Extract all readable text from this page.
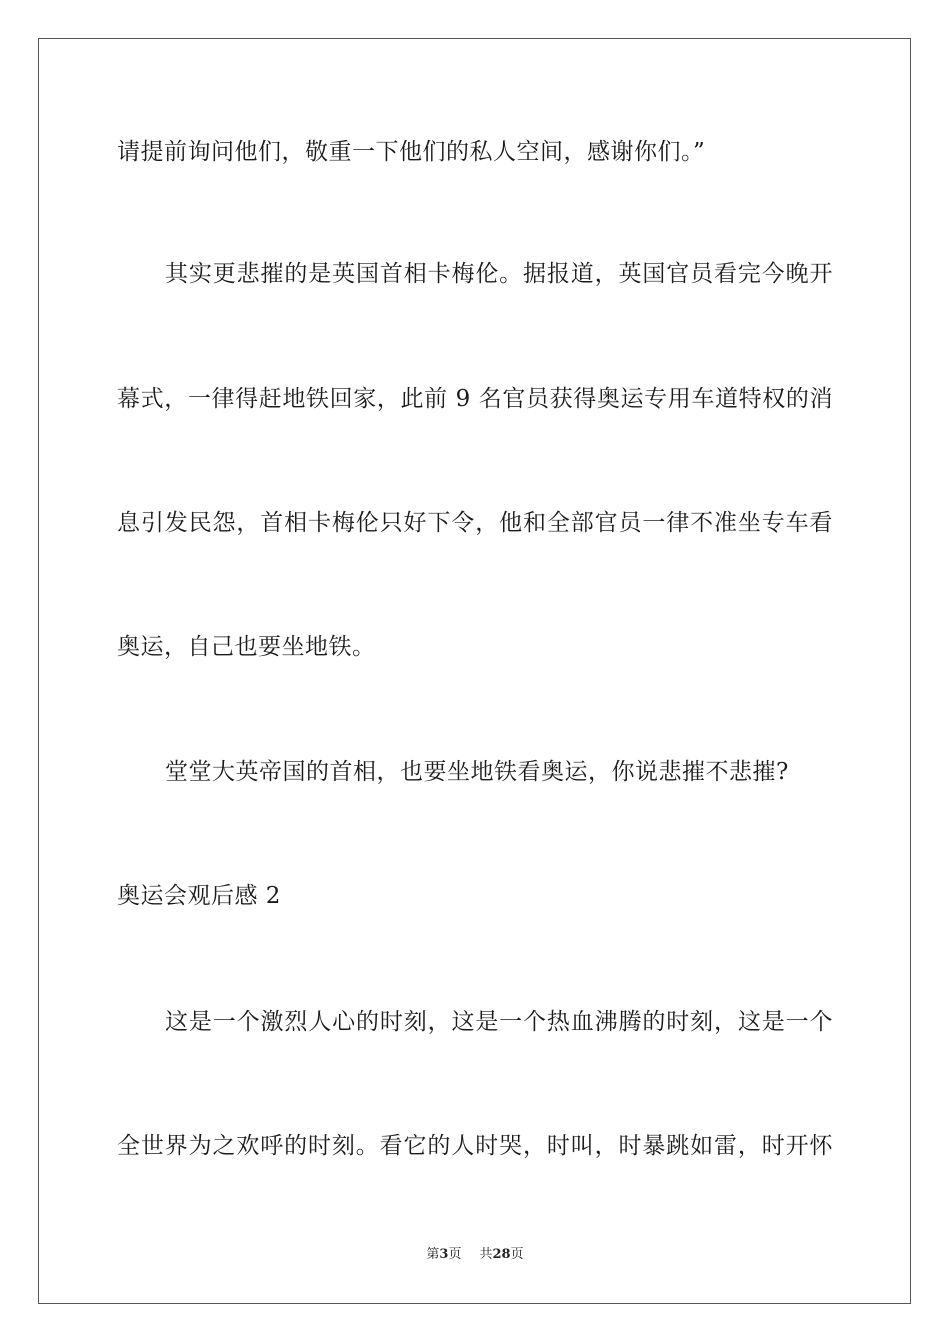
请提前询问他们，敬重一下他们的私人空间，感谢你们。”
其实更悲摧的是英国首相卡梅伦。据报道，英国官员看完今晚开
幕式，一律得赶地铁回家，此前 9 名官员获得奥运专用车道特权的消
息引发民怨，首相卡梅伦只好下令，他和全部官员一律不准坐专车看
奥运，自己也要坐地铁。
堂堂大英帝国的首相，也要坐地铁看奥运，你说悲摧不悲摧?
奥运会观后感 2
这是一个激烈人心的时刻，这是一个热血沸腾的时刻，这是一个
全世界为之欢呼的时刻。看它的人时哭，时叫，时暴跳如雷，时开怀
第3页 共28页
